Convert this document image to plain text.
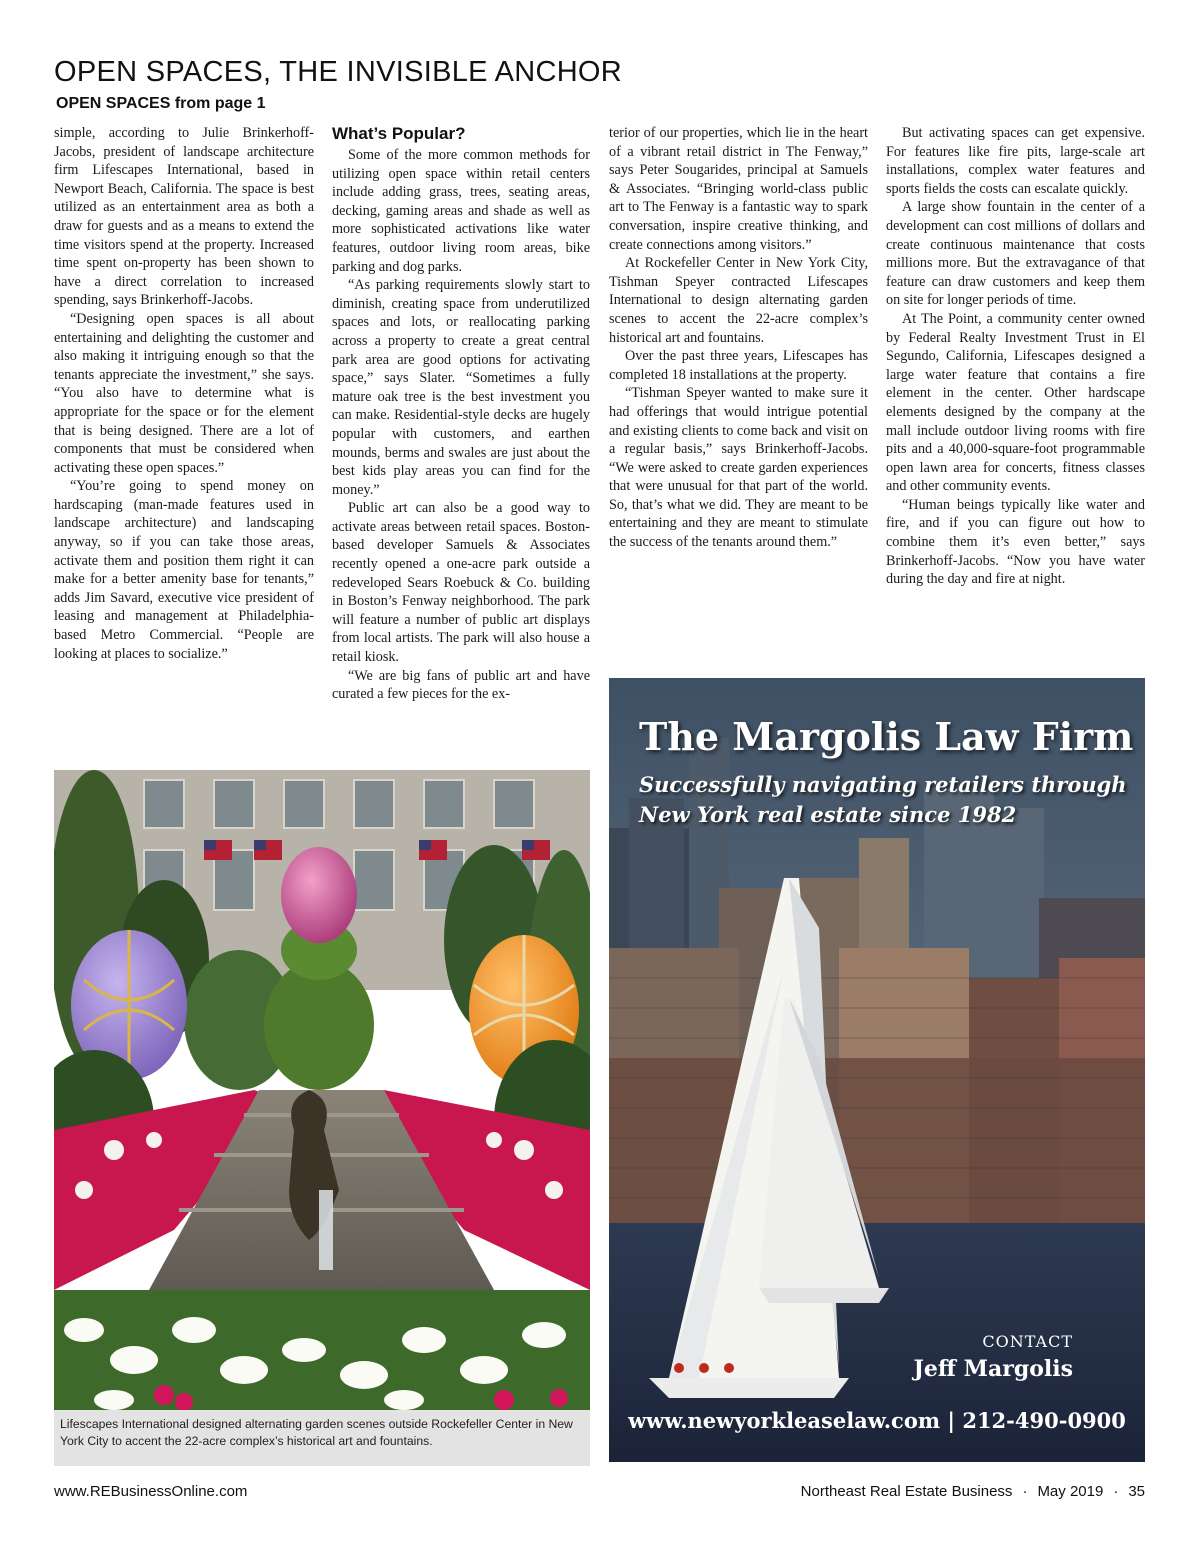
OPEN SPACES, THE INVISIBLE ANCHOR
OPEN SPACES from page 1

simple, according to Julie Brinkerhoff-Jacobs, president of landscape architecture firm Lifescapes International, based in Newport Beach, California. The space is best utilized as an entertainment area as both a draw for guests and as a means to extend the time visitors spend at the property. Increased time spent on-property has been shown to have a direct correlation to increased spending, says Brinkerhoff-Jacobs.

“Designing open spaces is all about entertaining and delighting the customer and also making it intriguing enough so that the tenants appreciate the investment,” she says. “You also have to determine what is appropriate for the space or for the element that is being designed. There are a lot of components that must be considered when activating these open spaces.”

“You’re going to spend money on hardscaping (man-made features used in landscape architecture) and landscaping anyway, so if you can take those areas, activate them and position them right it can make for a better amenity base for tenants,” adds Jim Savard, executive vice president of leasing and management at Philadelphia-based Metro Commercial. “People are looking at places to socialize.”

What’s Popular?

Some of the more common methods for utilizing open space within retail centers include adding grass, trees, seating areas, decking, gaming areas and shade as well as more sophisticated activations like water features, outdoor living room areas, bike parking and dog parks.

“As parking requirements slowly start to diminish, creating space from underutilized spaces and lots, or reallocating parking across a property to create a great central park area are good options for activating space,” says Slater. “Sometimes a fully mature oak tree is the best investment you can make. Residential-style decks are hugely popular with customers, and earthen mounds, berms and swales are just about the best kids play areas you can find for the money.”

Public art can also be a good way to activate areas between retail spaces. Boston-based developer Samuels & Associates recently opened a one-acre park outside a redeveloped Sears Roebuck & Co. building in Boston’s Fenway neighborhood. The park will feature a number of public art displays from local artists. The park will also house a retail kiosk.

“We are big fans of public art and have curated a few pieces for the ex-

terior of our properties, which lie in the heart of a vibrant retail district in The Fenway,” says Peter Sougarides, principal at Samuels & Associates. “Bringing world-class public art to The Fenway is a fantastic way to spark conversation, inspire creative thinking, and create connections among visitors.”

At Rockefeller Center in New York City, Tishman Speyer contracted Lifescapes International to design alternating garden scenes to accent the 22-acre complex’s historical art and fountains.

Over the past three years, Lifescapes has completed 18 installations at the property.

“Tishman Speyer wanted to make sure it had offerings that would intrigue potential and existing clients to come back and visit on a regular basis,” says Brinkerhoff-Jacobs. “We were asked to create garden experiences that were unusual for that part of the world. So, that’s what we did. They are meant to be entertaining and they are meant to stimulate the success of the tenants around them.”

But activating spaces can get expensive. For features like fire pits, large-scale art installations, complex water features and sports fields the costs can escalate quickly.

A large show fountain in the center of a development can cost millions of dollars and create continuous maintenance that costs millions more. But the extravagance of that feature can draw customers and keep them on site for longer periods of time.

At The Point, a community center owned by Federal Realty Investment Trust in El Segundo, California, Lifescapes designed a large water feature that contains a fire element in the center. Other hardscape elements designed by the company at the mall include outdoor living rooms with fire pits and a 40,000-square-foot programmable open lawn area for concerts, fitness classes and other community events.

“Human beings typically like water and fire, and if you can figure out how to combine them it’s even better,” says Brinkerhoff-Jacobs. “Now you have water during the day and fire at night.

Lifescapes International designed alternating garden scenes outside Rockefeller Center in New York City to accent the 22-acre complex’s historical art and fountains.
The Margolis Law Firm
Successfully navigating retailers through
New York real estate since 1982
CONTACT
Jeff Margolis
www.newyorkleaselaw.com | 212-490-0900
www.REBusinessOnline.com	Northeast Real Estate Business · May 2019 · 35
